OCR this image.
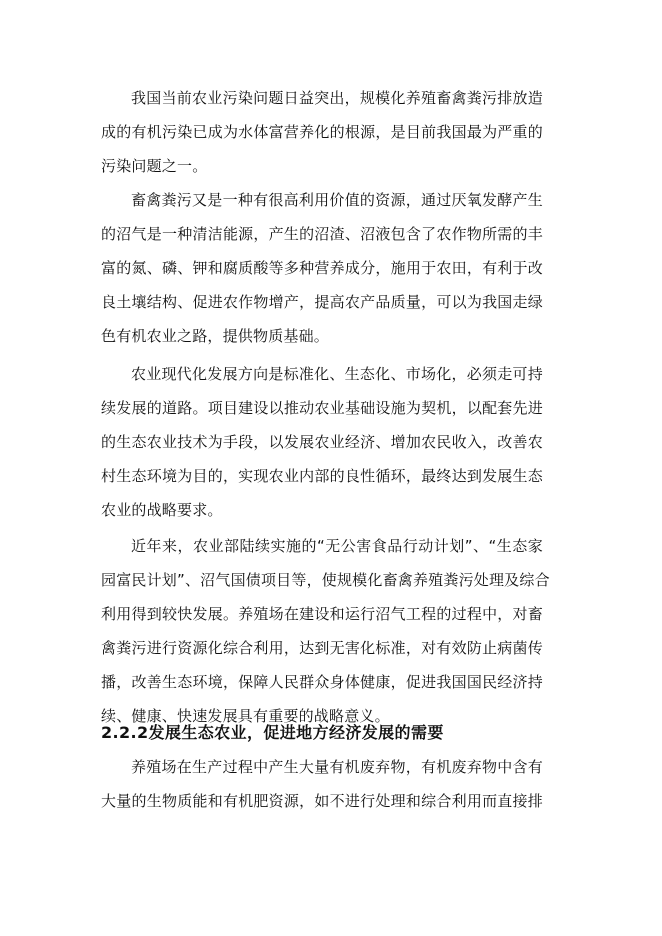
我国当前农业污染问题日益突出，规模化养殖畜禽粪污排放造
成的有机污染已成为水体富营养化的根源，是目前我国最为严重的
污染问题之一。
畜禽粪污又是一种有很高利用价值的资源，通过厌氧发酵产生
的沼气是一种清洁能源，产生的沼渣、沼液包含了农作物所需的丰
富的氮、磷、钾和腐质酸等多种营养成分，施用于农田，有利于改
良土壤结构、促进农作物增产，提高农产品质量，可以为我国走绿
色有机农业之路，提供物质基础。
农业现代化发展方向是标准化、生态化、市场化，必须走可持
续发展的道路。项目建设以推动农业基础设施为契机，以配套先进
的生态农业技术为手段，以发展农业经济、增加农民收入，改善农
村生态环境为目的，实现农业内部的良性循环，最终达到发展生态
农业的战略要求。
近年来，农业部陆续实施的“无公害食品行动计划”、“生态家
园富民计划”、沼气国债项目等，使规模化畜禽养殖粪污处理及综合
利用得到较快发展。养殖场在建设和运行沼气工程的过程中，对畜
禽粪污进行资源化综合利用，达到无害化标准，对有效防止病菌传
播，改善生态环境，保障人民群众身体健康，促进我国国民经济持
续、健康、快速发展具有重要的战略意义。
2.2.2发展生态农业，促进地方经济发展的需要
养殖场在生产过程中产生大量有机废弃物，有机废弃物中含有
大量的生物质能和有机肥资源，如不进行处理和综合利用而直接排
